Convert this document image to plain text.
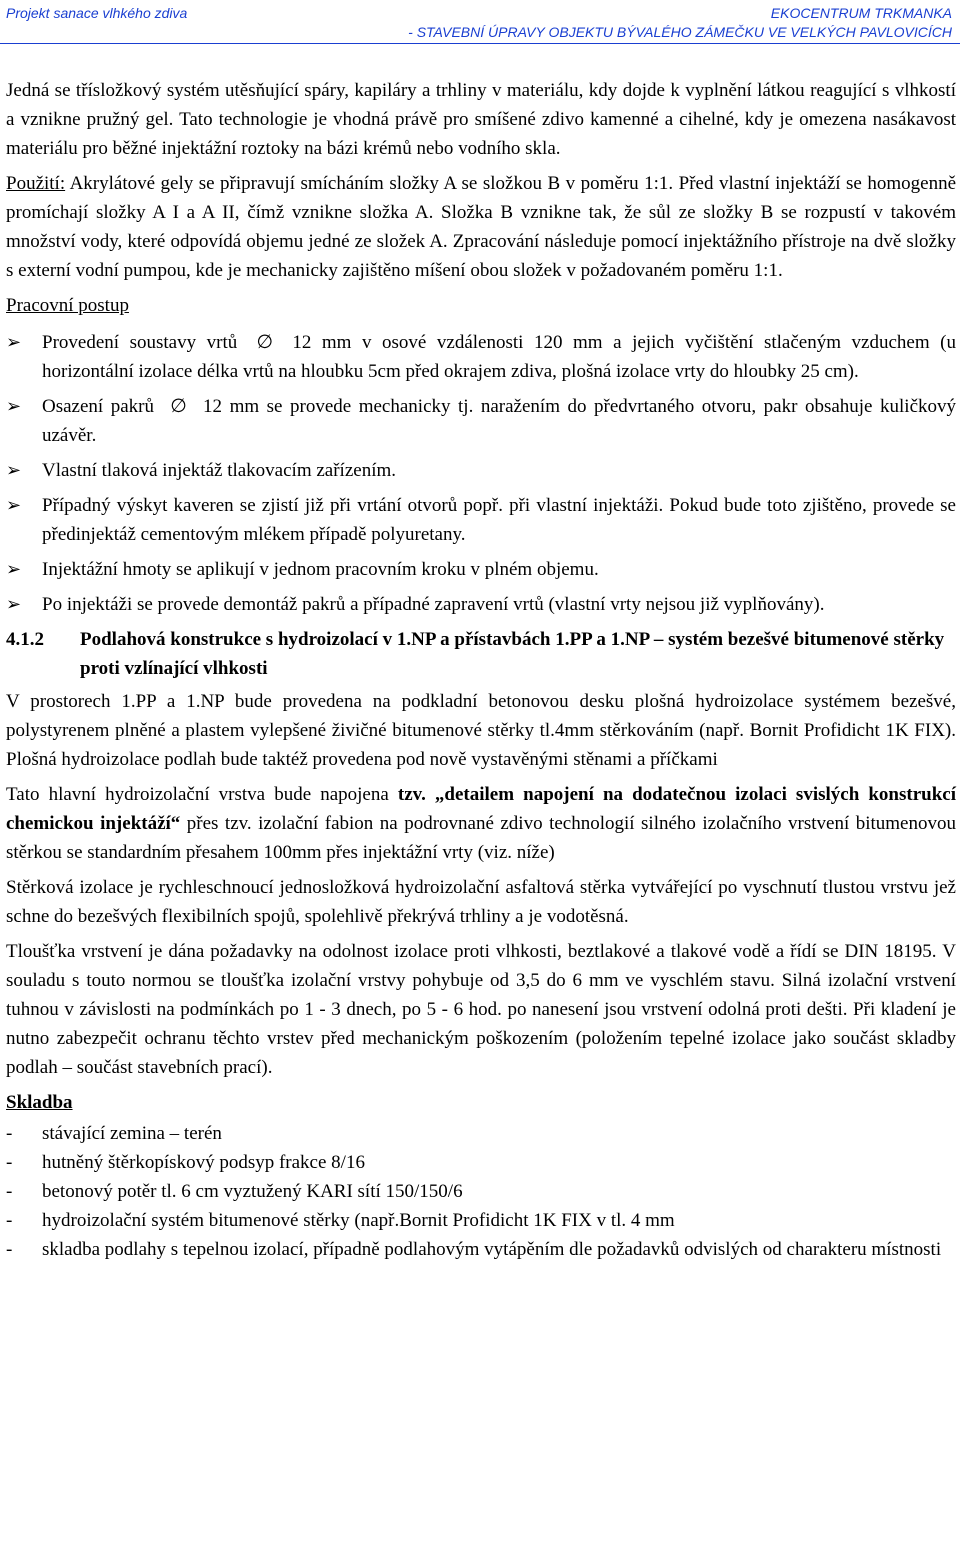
Projekt sanace vlhkého zdiva	EKOCENTRUM TRKMANKA
- STAVEBNÍ ÚPRAVY OBJEKTU BÝVALÉHO ZÁMEČKU VE VELKÝCH PAVLOVICÍCH

Jedná se třísložkový systém utěsňující spáry, kapiláry a trhliny v materiálu, kdy dojde k vyplnění látkou reagující s vlhkostí a vznikne pružný gel. Tato technologie je vhodná právě pro smíšené zdivo kamenné a cihelné, kdy je omezena nasákavost materiálu pro běžné injektážní roztoky na bázi krémů nebo vodního skla.

Použití: Akrylátové gely se připravují smícháním složky A se složkou B v poměru 1:1. Před vlastní injektáží se homogenně promíchají složky A I a A II, čímž vznikne složka A. Složka B vznikne tak, že sůl ze složky B se rozpustí v takovém množství vody, které odpovídá objemu jedné ze složek A. Zpracování následuje pomocí injektážního přístroje na dvě složky s externí vodní pumpou, kde je mechanicky zajištěno míšení obou složek v požadovaném poměru 1:1.

Pracovní postup

➢ Provedení soustavy vrtů ∅ 12 mm v osové vzdálenosti 120 mm a jejich vyčištění stlačeným vzduchem (u horizontální izolace délka vrtů na hloubku 5cm před okrajem zdiva, plošná izolace vrty do hloubky 25 cm).
➢ Osazení pakrů ∅ 12 mm se provede mechanicky tj. naražením do předvrtaného otvoru, pakr obsahuje kuličkový uzávěr.
➢ Vlastní tlaková injektáž tlakovacím zařízením.
➢ Případný výskyt kaveren se zjistí již při vrtání otvorů popř. při vlastní injektáži. Pokud bude toto zjištěno, provede se předinjektáž cementovým mlékem případě polyuretany.
➢ Injektážní hmoty se aplikují v jednom pracovním kroku v plném objemu.
➢ Po injektáži se provede demontáž pakrů a případné zapravení vrtů (vlastní vrty nejsou již vyplňovány).
4.1.2 Podlahová konstrukce s hydroizolací v 1.NP a přístavbách 1.PP a 1.NP – systém bezešvé bitumenové stěrky proti vzlínající vlhkosti

V prostorech 1.PP a 1.NP bude provedena na podkladní betonovou desku plošná hydroizolace systémem bezešvé, polystyrenem plněné a plastem vylepšené živičné bitumenové stěrky tl.4mm stěrkováním (např. Bornit Profidicht 1K FIX). Plošná hydroizolace podlah bude taktéž provedena pod nově vystavěnými stěnami a příčkami

Tato hlavní hydroizolační vrstva bude napojena tzv. „detailem napojení na dodatečnou izolaci svislých konstrukcí chemickou injektáží“ přes tzv. izolační fabion na podrovnané zdivo technologií silného izolačního vrstvení bitumenovou stěrkou se standardním přesahem 100mm přes injektážní vrty (viz. níže)

Stěrková izolace je rychleschnoucí jednosložková hydroizolační asfaltová stěrka vytvářející po vyschnutí tlustou vrstvu jež schne do bezešvých flexibilních spojů, spolehlivě překrývá trhliny a je vodotěsná.

Tloušťka vrstvení je dána požadavky na odolnost izolace proti vlhkosti, beztlakové a tlakové vodě a řídí se DIN 18195. V souladu s touto normou se tloušťka izolační vrstvy pohybuje od 3,5 do 6 mm ve vyschlém stavu. Silná izolační vrstvení tuhnou v závislosti na podmínkách po 1 - 3 dnech, po 5 - 6 hod. po nanesení jsou vrstvení odolná proti dešti. Při kladení je nutno zabezpečit ochranu těchto vrstev před mechanickým poškozením (položením tepelné izolace jako součást skladby podlah – součást stavebních prací).

Skladba
- stávající zemina – terén
- hutněný štěrkopískový podsyp frakce 8/16
- betonový potěr tl. 6 cm vyztužený KARI sítí 150/150/6
- hydroizolační systém bitumenové stěrky (např.Bornit Profidicht 1K FIX v tl. 4 mm
- skladba podlahy s tepelnou izolací, případně podlahovým vytápěním dle požadavků odvislých od charakteru místnosti
